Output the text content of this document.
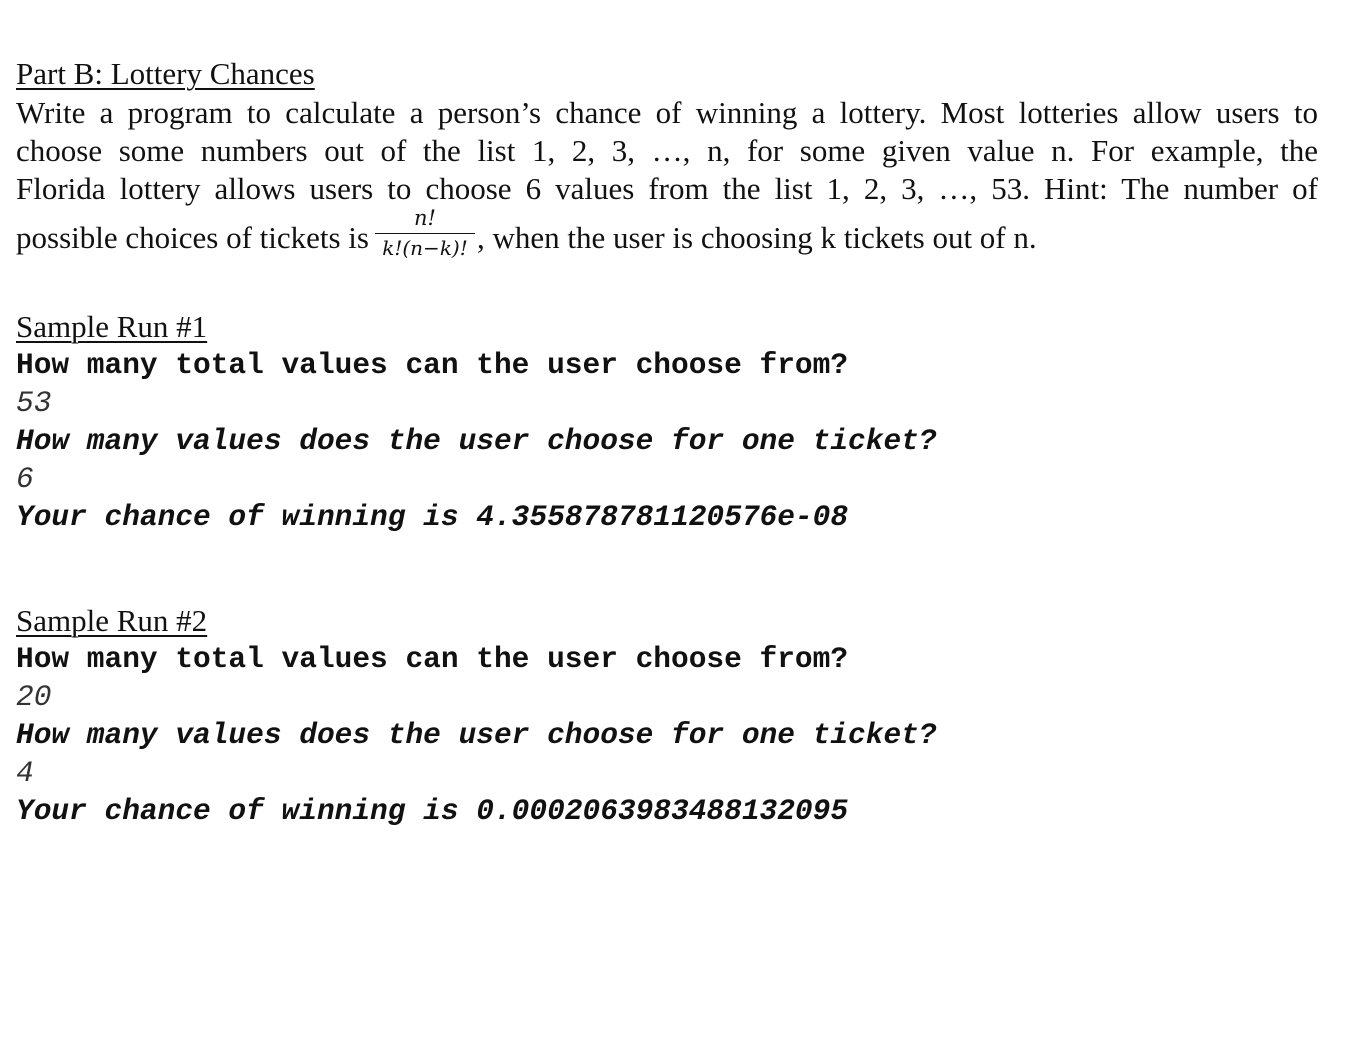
Part B: Lottery Chances
Write a program to calculate a person’s chance of winning a lottery. Most lotteries allow users to
choose some numbers out of the list 1, 2, 3, …, n, for some given value n. For example, the
Florida lottery allows users to choose 6 values from the list 1, 2, 3, …, 53. Hint: The number of
possible choices of tickets is $\frac{n!}{k!(n-k)!}$ , when the user is choosing k tickets out of n.
Sample Run #1
How many total values can the user choose from?
53
How many values does the user choose for one ticket?
6
Your chance of winning is 4.355878781120576e-08
Sample Run #2
How many total values can the user choose from?
20
How many values does the user choose for one ticket?
4
Your chance of winning is 0.0002063983488132095
